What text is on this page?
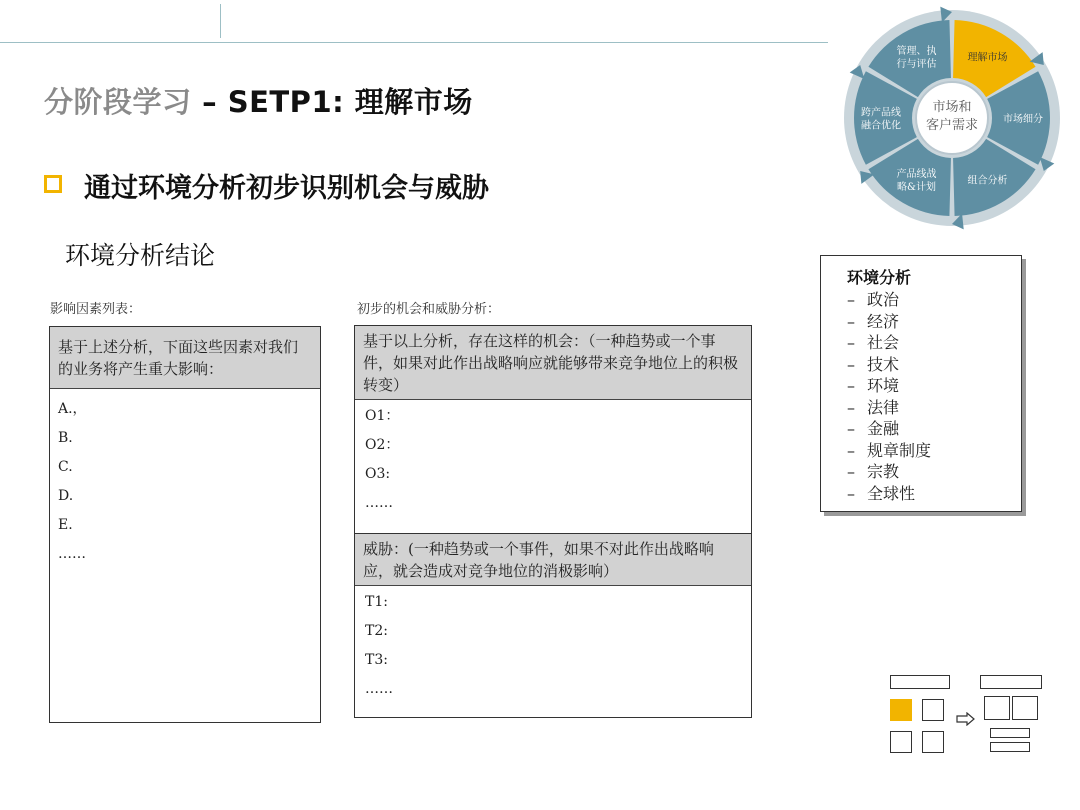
分阶段学习 – SETP1: 理解市场
通过环境分析初步识别机会与威胁
环境分析结论
影响因素列表：	初步的机会和威胁分析：
基于上述分析，下面这些因素对我们的业务将产生重大影响：
A.，
B.
C.
D.
E.
……
基于以上分析，存在这样的机会：（一种趋势或一个事件，如果对此作出战略响应就能够带来竞争地位上的积极转变）
O1：
O2：
O3:
……
威胁：(一种趋势或一个事件，如果不对此作出战略响应，就会造成对竞争地位的消极影响）
T1:
T2:
T3:
……
环境分析
– 政治
– 经济
– 社会
– 技术
– 环境
– 法律
– 金融
– 规章制度
– 宗教
– 全球性
理解市场
市场细分
组合分析
产品线战
略&计划
跨产品线
融合优化
管理、执
行与评估
市场和
客户需求
